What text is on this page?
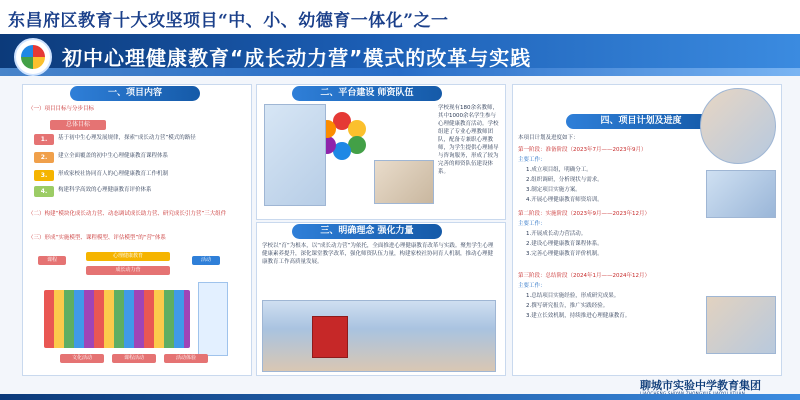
东昌府区教育十大攻坚项目“中、小、幼德育一体化”之一
初中心理健康教育“成长动力营”模式的改革与实践
一、项目内容
（一）项目目标与分步目标
总体目标
1.	基于初中生心理发展规律，探索“成长动力营”模式的路径
2.	建立全面覆盖的初中生心理健康教育课程体系
3.	形成家校社协同育人的心理健康教育工作机制
4.	构建科学高效的心理健康教育评价体系
（二）构建“模块化成长动力营、动态调试成长助力营、研究成长引力营”三大组件
（三）形成“实施模型、课程模型、评估模型”的“营”体系
心理健康教育
成长动力营
课程	活动
文化活动	课程活动	活动体验
二、平台建设 师资队伍
学校现有180余名教师，其中1000余名学生参与心理健康教育活动。学校组建了专业心理教师团队，配备专兼职心理教师，为学生提供心理辅导与咨询服务，形成了较为完善的师资队伍建设体系。
三、明确理念 强化力量
学校以“育”为根本，以“成长动力营”为依托，全面推进心理健康教育改革与实践。聚焦学生心理健康素养提升，深化课堂教学改革，强化师资队伍力量，构建家校社协同育人机制，推动心理健康教育工作高质量发展。
四、项目计划及进度
本项目计划及进度如下：
第一阶段：准备阶段（2023年7月——2023年9月）
主要工作：
1.成立项目组，明确分工。
2.组织调研，分析现状与需求。
3.制定项目实施方案。
4.开展心理健康教育师资培训。
第二阶段：实施阶段（2023年9月——2023年12月）
主要工作：
1.开展成长动力营活动。
2.建设心理健康教育课程体系。
3.完善心理健康教育评价机制。
第三阶段：总结阶段（2024年1月——2024年12月）
主要工作：
1.总结项目实施经验，形成研究成果。
2.撰写研究报告，推广实践经验。
3.建立长效机制，持续推进心理健康教育。
聊城市实验中学教育集团
